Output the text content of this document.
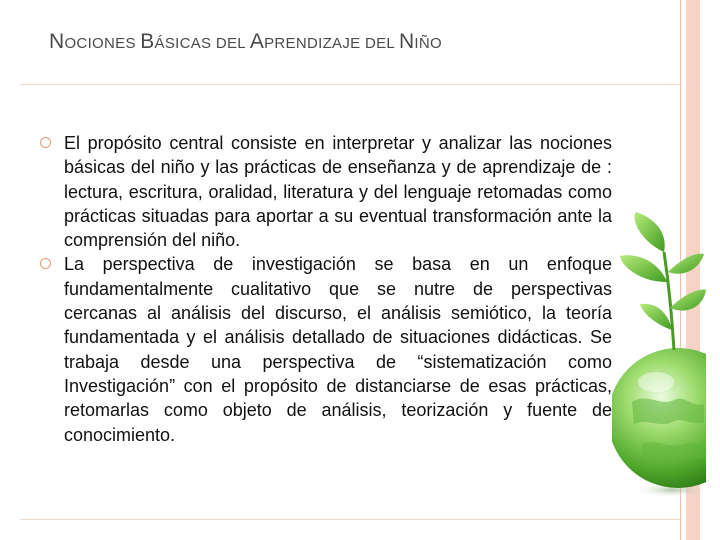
NOCIONES BÁSICAS DEL APRENDIZAJE DEL NIÑO

El propósito central consiste en interpretar y analizar las nociones básicas del niño y las prácticas de enseñanza y de aprendizaje de : lectura, escritura, oralidad, literatura y del lenguaje retomadas como prácticas situadas para aportar a su eventual transformación ante la comprensión del niño.

La perspectiva de investigación se basa en un enfoque fundamentalmente cualitativo que se nutre de perspectivas cercanas al análisis del discurso, el análisis semiótico, la teoría fundamentada y el análisis detallado de situaciones didácticas. Se trabaja desde una perspectiva de “sistematización como Investigación” con el propósito de distanciarse de esas prácticas, retomarlas como objeto de análisis, teorización y fuente de conocimiento.
